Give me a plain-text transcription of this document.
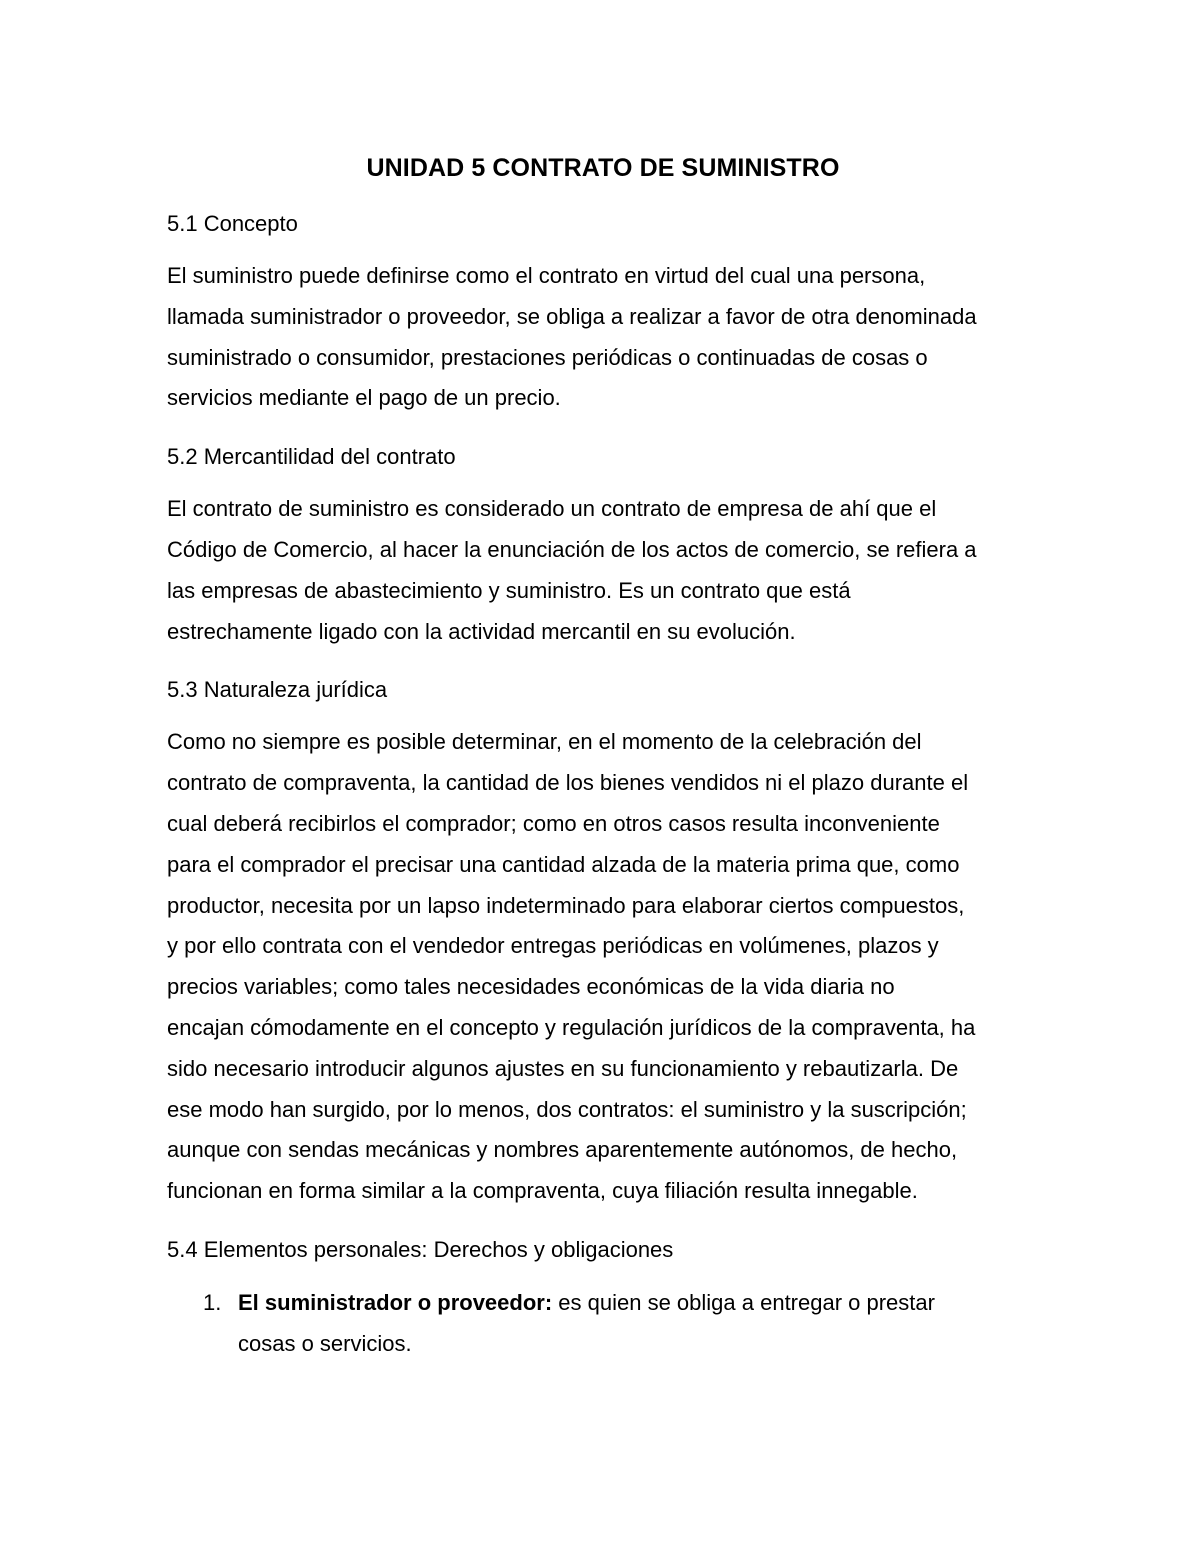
UNIDAD 5 CONTRATO DE SUMINISTRO
5.1 Concepto
El suministro puede definirse como el contrato en virtud del cual una persona,
llamada suministrador o proveedor, se obliga a realizar a favor de otra denominada
suministrado o consumidor, prestaciones periódicas o continuadas de cosas o
servicios mediante el pago de un precio.
5.2 Mercantilidad del contrato
El contrato de suministro es considerado un contrato de empresa de ahí que el
Código de Comercio, al hacer la enunciación de los actos de comercio, se refiera a
las empresas de abastecimiento y suministro. Es un contrato que está
estrechamente ligado con la actividad mercantil en su evolución.
5.3 Naturaleza jurídica
Como no siempre es posible determinar, en el momento de la celebración del
contrato de compraventa, la cantidad de los bienes vendidos ni el plazo durante el
cual deberá recibirlos el comprador; como en otros casos resulta inconveniente
para el comprador el precisar una cantidad alzada de la materia prima que, como
productor, necesita por un lapso indeterminado para elaborar ciertos compuestos,
y por ello contrata con el vendedor entregas periódicas en volúmenes, plazos y
precios variables; como tales necesidades económicas de la vida diaria no
encajan cómodamente en el concepto y regulación jurídicos de la compraventa, ha
sido necesario introducir algunos ajustes en su funcionamiento y rebautizarla. De
ese modo han surgido, por lo menos, dos contratos: el suministro y la suscripción;
aunque con sendas mecánicas y nombres aparentemente autónomos, de hecho,
funcionan en forma similar a la compraventa, cuya filiación resulta innegable.
5.4 Elementos personales: Derechos y obligaciones
1. El suministrador o proveedor: es quien se obliga a entregar o prestar
cosas o servicios.
